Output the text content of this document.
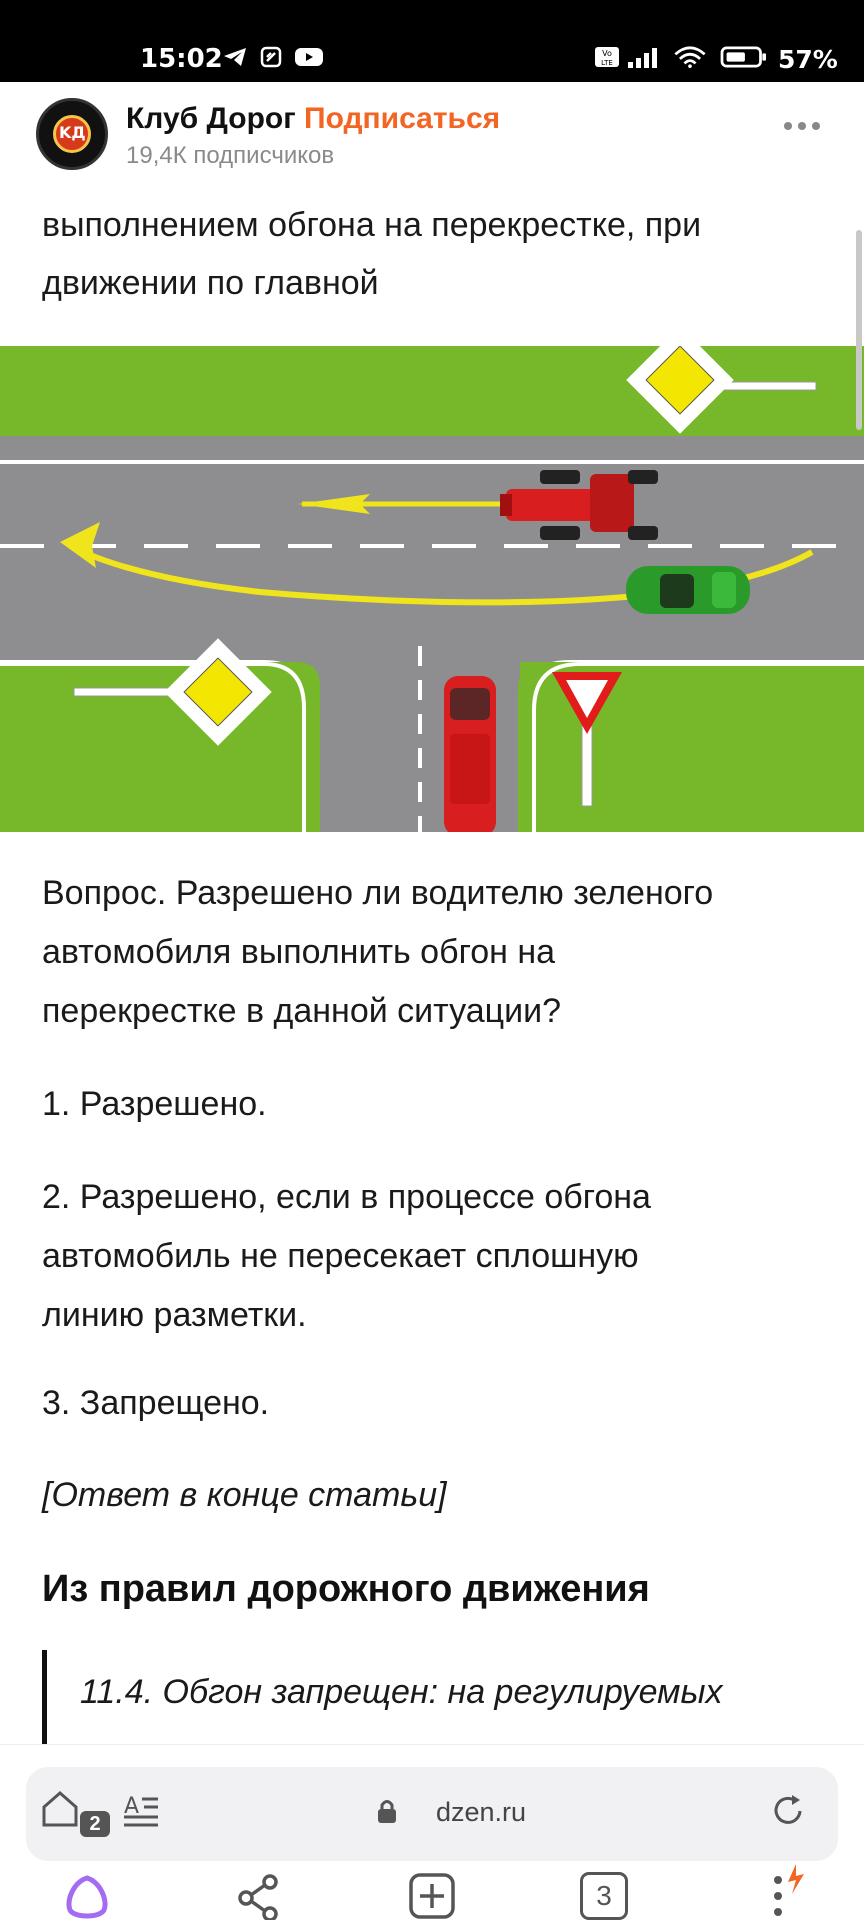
15:02	Vo
LTE	57%
KД Клуб Дорог Подписаться
19,4К подписчиков
выполнением обгона на перекрестке, при
движении по главной
Вопрос. Разрешено ли водителю зеленого
автомобиля выполнить обгон на
перекрестке в данной ситуации?
1. Разрешено.
2. Разрешено, если в процессе обгона
автомобиль не пересекает сплошную
линию разметки.
3. Запрещено.
[Ответ в конце статьи]
Из правил дорожного движения
11.4. Обгон запрещен: на регулируемых
2
A	dzen.ru
3
